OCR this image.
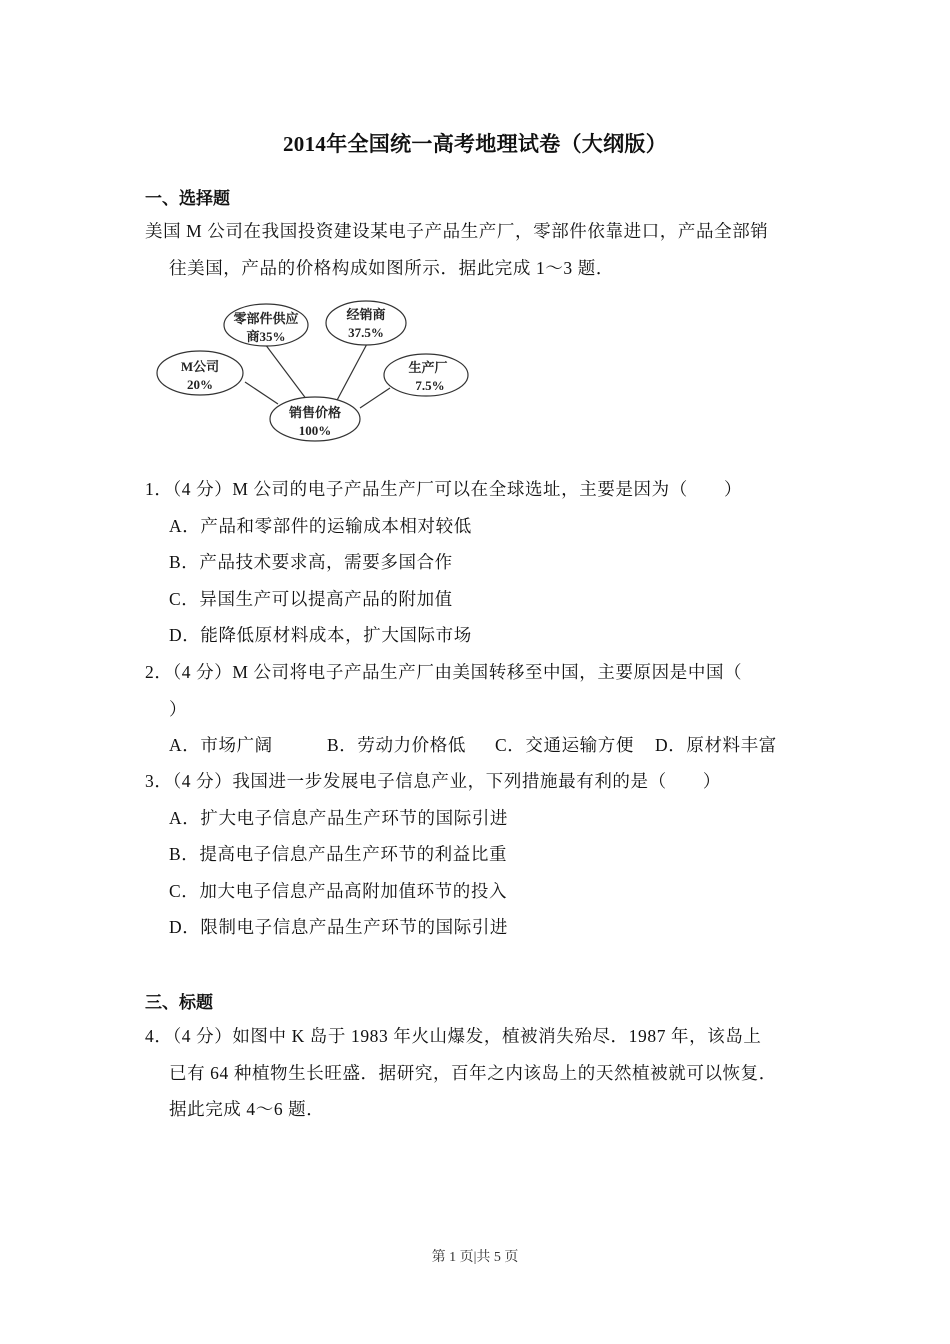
2014年全国统一高考地理试卷（大纲版）
一、选择题
美国 M 公司在我国投资建设某电子产品生产厂，零部件依靠进口，产品全部销
往美国，产品的价格构成如图所示．据此完成 1～3 题．
零部件供应
商35%
经销商
37.5%
M公司
20%
生产厂
7.5%
销售价格
100%
1．（4 分）M 公司的电子产品生产厂可以在全球选址，主要是因为（　　）
A．产品和零部件的运输成本相对较低
B．产品技术要求高，需要多国合作
C．异国生产可以提高产品的附加值
D．能降低原材料成本，扩大国际市场
2．（4 分）M 公司将电子产品生产厂由美国转移至中国，主要原因是中国（
）
A．市场广阔	B．劳动力价格低 C．交通运输方便 D．原材料丰富
3．（4 分）我国进一步发展电子信息产业，下列措施最有利的是（　　）
A．扩大电子信息产品生产环节的国际引进
B．提高电子信息产品生产环节的利益比重
C．加大电子信息产品高附加值环节的投入
D．限制电子信息产品生产环节的国际引进
三、标题
4．（4 分）如图中 K 岛于 1983 年火山爆发，植被消失殆尽．1987 年，该岛上
已有 64 种植物生长旺盛．据研究，百年之内该岛上的天然植被就可以恢复．
据此完成 4～6 题．
第 1 页|共 5 页
